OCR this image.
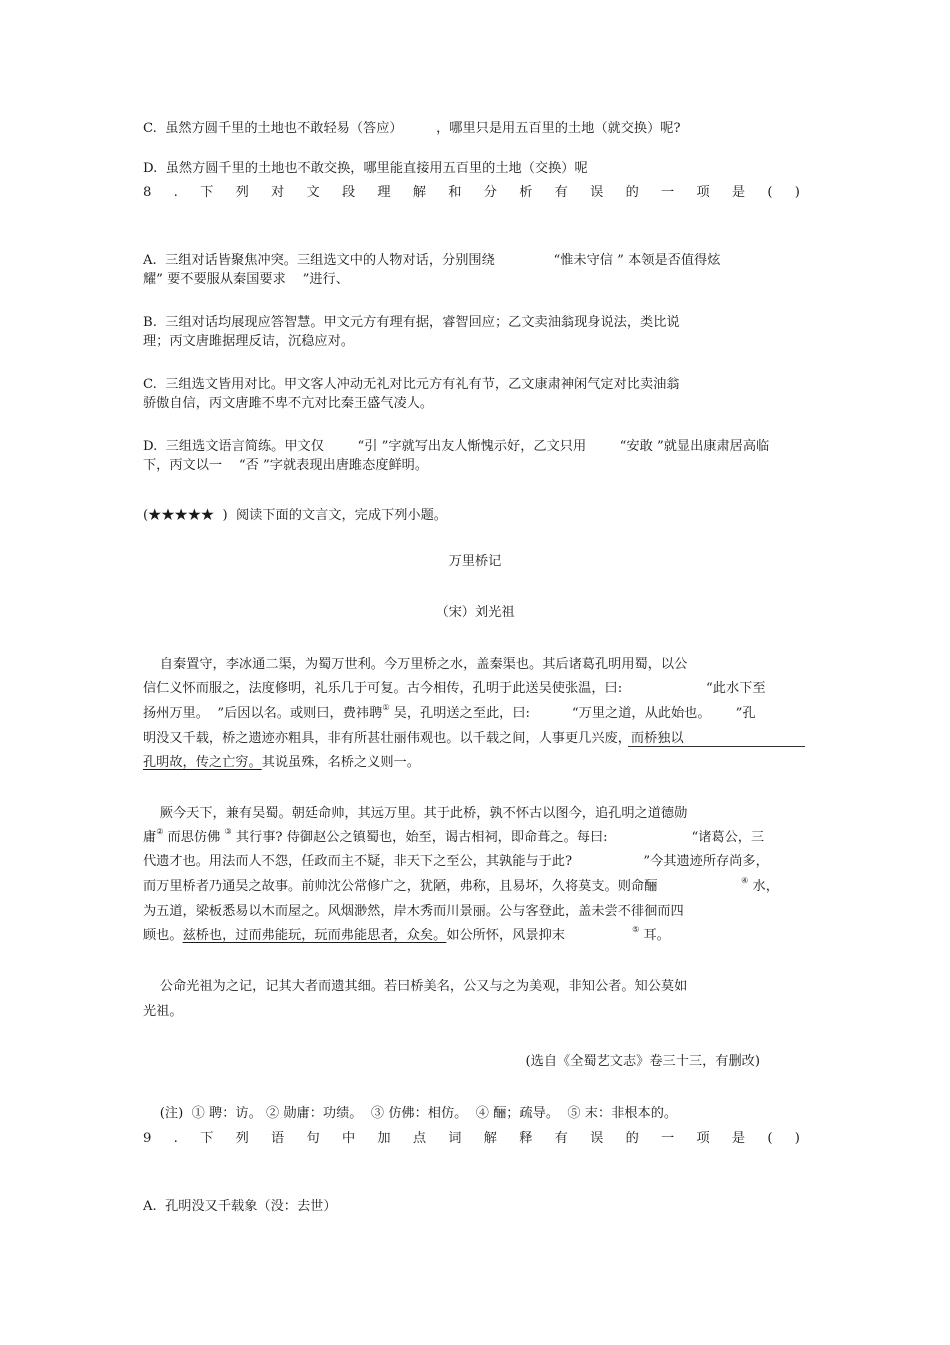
C.  虽然方圆千里的土地也不敢轻易（答应）        ，哪里只是用五百里的土地（就交换）呢?
D.  虽然方圆千里的土地也不敢交换，哪里能直接用五百里的土地（交换）呢
8 . 下 列 对 文 段 理 解 和 分 析 有 误 的 一 项 是 ( )
A.  三组对话皆聚焦冲突。三组选文中的人物对话，分别围绕              “惟未守信 ” 本领是否值得炫
耀” 要不要服从秦国要求    ”进行、
B.  三组对话均展现应答智慧。甲文元方有理有据，睿智回应；乙文卖油翁现身说法，类比说
理；丙文唐雎据理反诘，沉稳应对。
C.  三组选文皆用对比。甲文客人冲动无礼对比元方有礼有节，乙文康肃神闲气定对比卖油翁
骄傲自信，丙文唐雎不卑不亢对比秦王盛气凌人。
D.  三组选文语言简练。甲文仅        “引 ”字就写出友人惭愧示好，乙文只用        “安敢 ”就显出康肃居高临
下，丙文以一    “否 ”字就表现出唐雎态度鲜明。
(★★★★★  )  阅读下面的文言文，完成下列小题。
万里桥记
（宋）刘光祖
自秦置守，李冰通二渠，为蜀万世利。今万里桥之水，盖秦渠也。其后诸葛孔明用蜀，以公
信仁义怀而服之，法度修明，礼乐几于可复。古今相传，孔明于此送吴使张温，曰:                    “此水下至
扬州万里。  ”后因以名。或则曰，费祎聘① 吴，孔明送之至此，曰:          “万里之道，从此始也。      ”孔
明没又千载，桥之遗迹亦粗具，非有所甚壮丽伟观也。以千载之间，人事更几兴废，而桥独以
孔明故，传之亡穷。其说虽殊，名桥之义则一。
厥今天下，兼有吴蜀。朝廷命帅，其远万里。其于此桥，孰不怀古以图今，追孔明之道德勋
庸② 而思仿佛 ③ 其行事? 侍御赵公之镇蜀也，始至，谒古相祠，即命葺之。每曰:                    “诸葛公，三
代遗才也。用法而人不怨，任政而主不疑，非天下之至公，其孰能与于此?                 ”今其遗迹所存尚多，
而万里桥者乃通吴之故事。前帅沈公常修广之，犹陋，弗称，且易坏，久将莫支。则命酾                    ④ 水，
为五道，梁板悉易以木而屋之。风烟渺然，岸木秀而川景丽。公与客登此，盖未尝不徘徊而四
顾也。兹桥也，过而弗能玩，玩而弗能思者，众矣。如公所怀，风景抑末                ⑤ 耳。
公命光祖为之记，记其大者而遗其细。若曰桥美名，公又与之为美观，非知公者。知公莫如
光祖。
(选自《全蜀艺文志》卷三十三，有删改)
(注)  ① 聘：访。 ② 勋庸：功绩。  ③ 仿佛：相仿。  ④ 酾；疏导。  ⑤ 末：非根本的。
9 . 下 列 语 句 中 加 点 词 解 释 有 误 的 一 项 是 ( )
A.  孔明没又千载象（没：去世）
